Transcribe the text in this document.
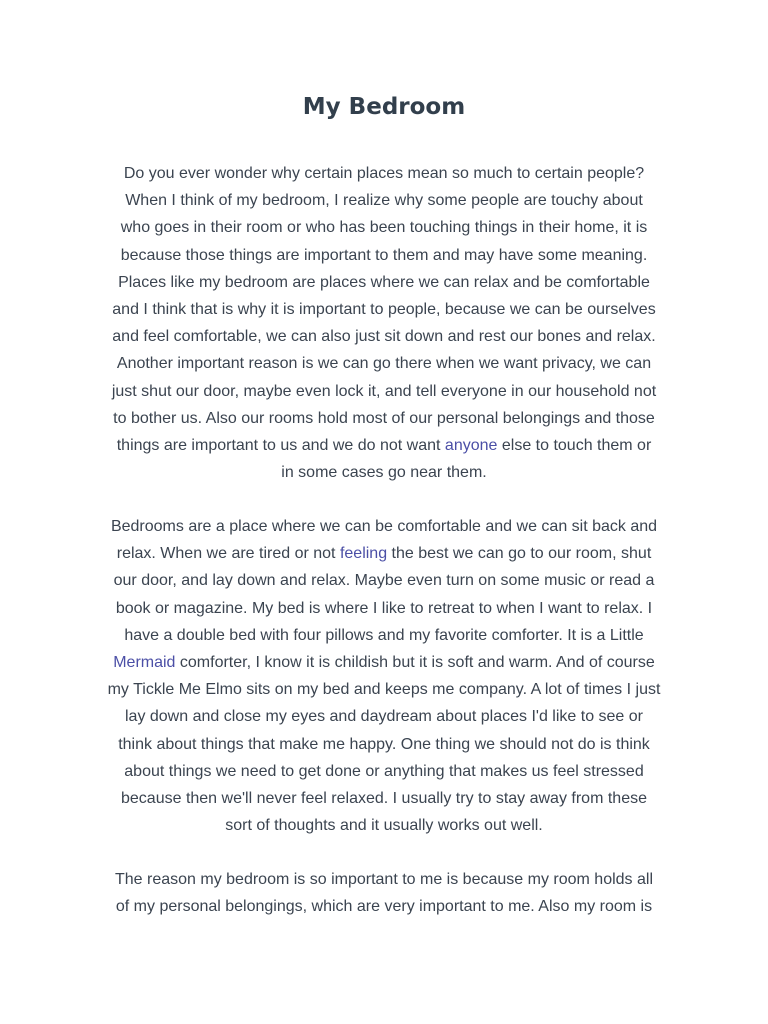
My Bedroom

Do you ever wonder why certain places mean so much to certain people?
When I think of my bedroom, I realize why some people are touchy about
who goes in their room or who has been touching things in their home, it is
because those things are important to them and may have some meaning.
Places like my bedroom are places where we can relax and be comfortable
and I think that is why it is important to people, because we can be ourselves
and feel comfortable, we can also just sit down and rest our bones and relax.
Another important reason is we can go there when we want privacy, we can
just shut our door, maybe even lock it, and tell everyone in our household not
to bother us. Also our rooms hold most of our personal belongings and those
things are important to us and we do not want anyone else to touch them or
in some cases go near them.

Bedrooms are a place where we can be comfortable and we can sit back and
relax. When we are tired or not feeling the best we can go to our room, shut
our door, and lay down and relax. Maybe even turn on some music or read a
book or magazine. My bed is where I like to retreat to when I want to relax. I
have a double bed with four pillows and my favorite comforter. It is a Little
Mermaid comforter, I know it is childish but it is soft and warm. And of course
my Tickle Me Elmo sits on my bed and keeps me company. A lot of times I just
lay down and close my eyes and daydream about places I'd like to see or
think about things that make me happy. One thing we should not do is think
about things we need to get done or anything that makes us feel stressed
because then we'll never feel relaxed. I usually try to stay away from these
sort of thoughts and it usually works out well.

The reason my bedroom is so important to me is because my room holds all
of my personal belongings, which are very important to me. Also my room is
